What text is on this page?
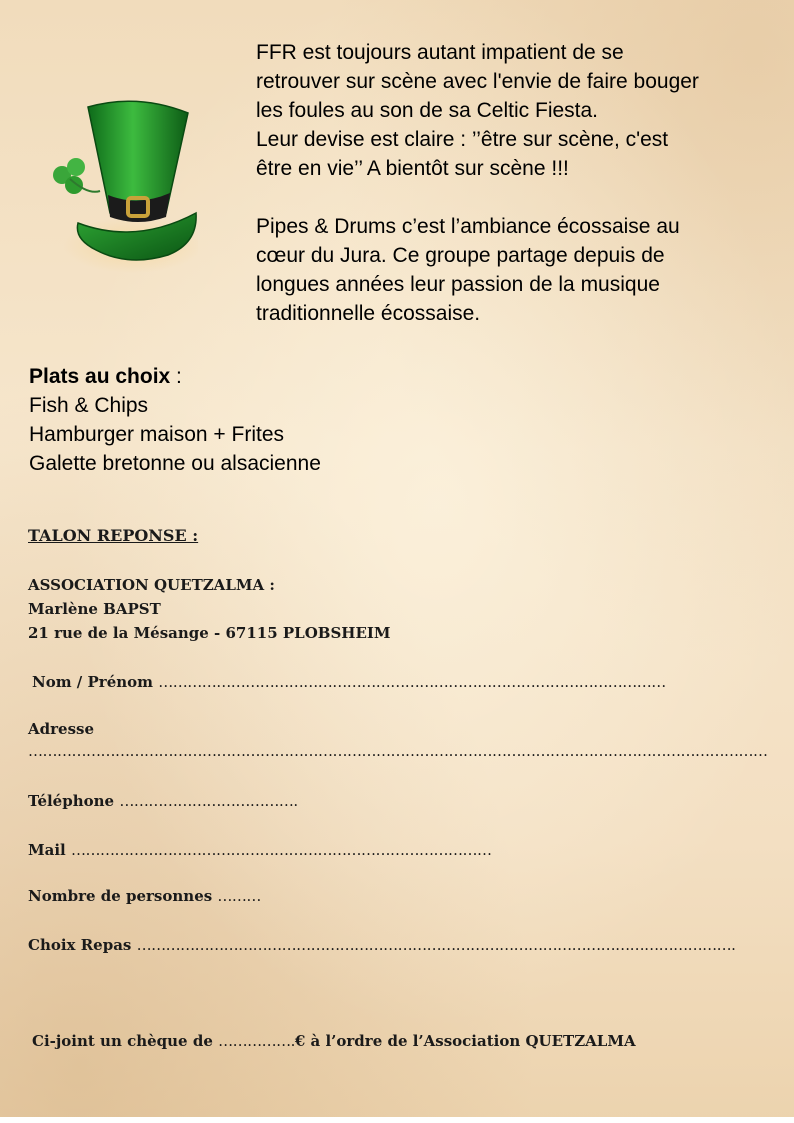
FFR est toujours autant impatient de se

retrouver sur scène avec l'envie de faire bouger

les foules au son de sa Celtic Fiesta.

Leur devise est claire : ’’être sur scène, c'est

être en vie’’ A bientôt sur scène !!!

Pipes & Drums c’est l’ambiance écossaise au

cœur du Jura. Ce groupe partage depuis de

longues années leur passion de la musique

traditionnelle écossaise.

Plats au choix :
Fish & Chips
Hamburger maison + Frites
Galette bretonne ou alsacienne
TALON REPONSE :
ASSOCIATION QUETZALMA :
Marlène BAPST
21 rue de la Mésange - 67115 PLOBSHEIM
Nom / Prénom ……………………………………………………………………………………………
Adresse
………………………………………………………………………………………………………………………………………
Téléphone ……………………………….
Mail ……………………………………………………………………………
Nombre de personnes ………
Choix Repas …………………………………………………………………………………………………………….
Ci-joint un chèque de …………….€ à l’ordre de l’Association QUETZALMA
